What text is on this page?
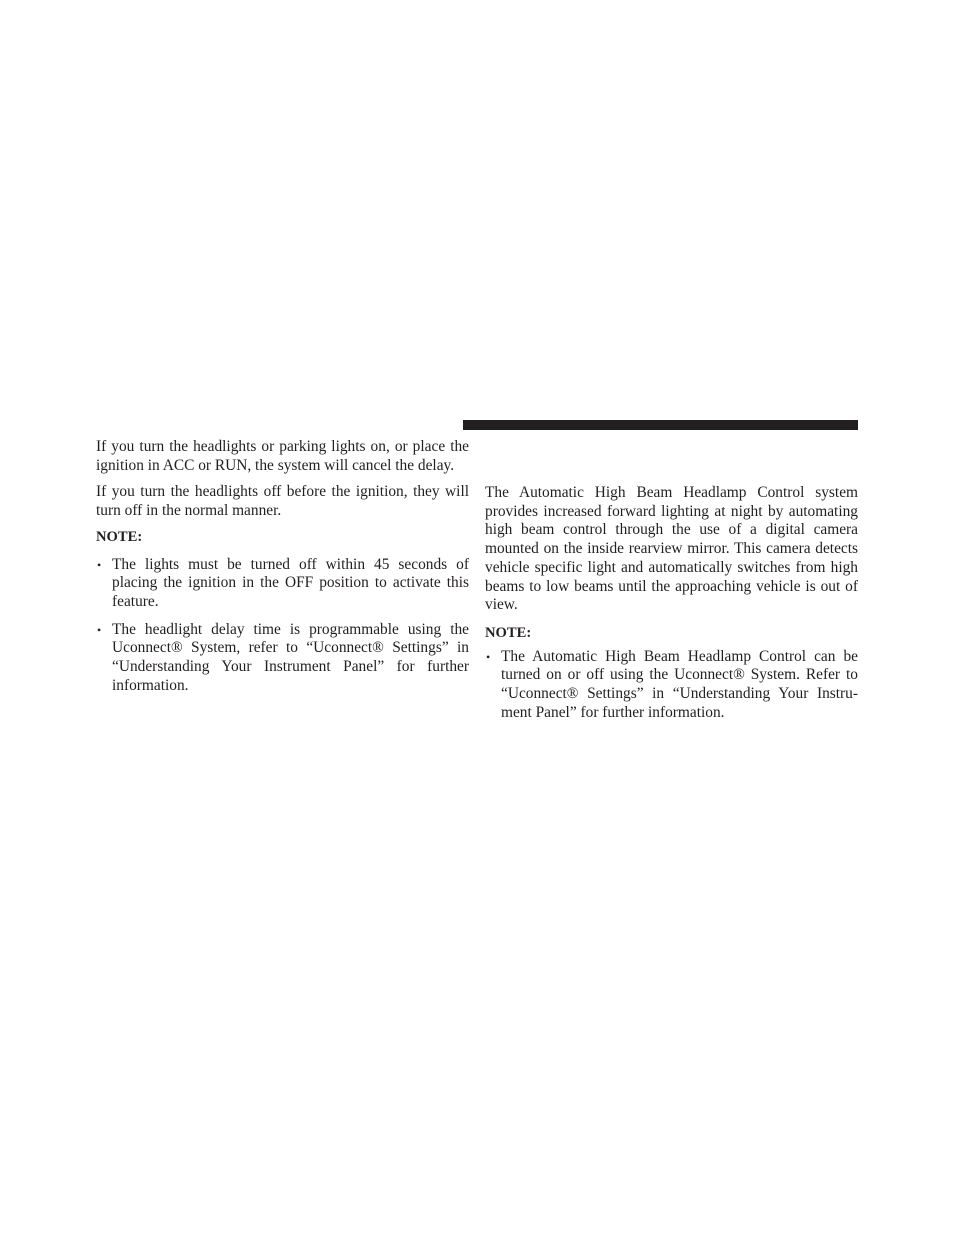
If you turn the headlights or parking lights on, or place the ignition in ACC or RUN, the system will cancel the delay.

If you turn the headlights off before the ignition, they will turn off in the normal manner.

NOTE:
• The lights must be turned off within 45 seconds of placing the ignition in the OFF position to activate this feature.
• The headlight delay time is programmable using the Uconnect® System, refer to “Uconnect® Settings” in “Understanding Your Instrument Panel” for further information.

The Automatic High Beam Headlamp Control system provides increased forward lighting at night by automating high beam control through the use of a digital camera mounted on the inside rearview mirror. This camera detects vehicle specific light and automatically switches from high beams to low beams until the approaching vehicle is out of view.

NOTE:
• The Automatic High Beam Headlamp Control can be turned on or off using the Uconnect® System. Refer to “Uconnect® Settings” in “Understanding Your Instrument Panel” for further information.
